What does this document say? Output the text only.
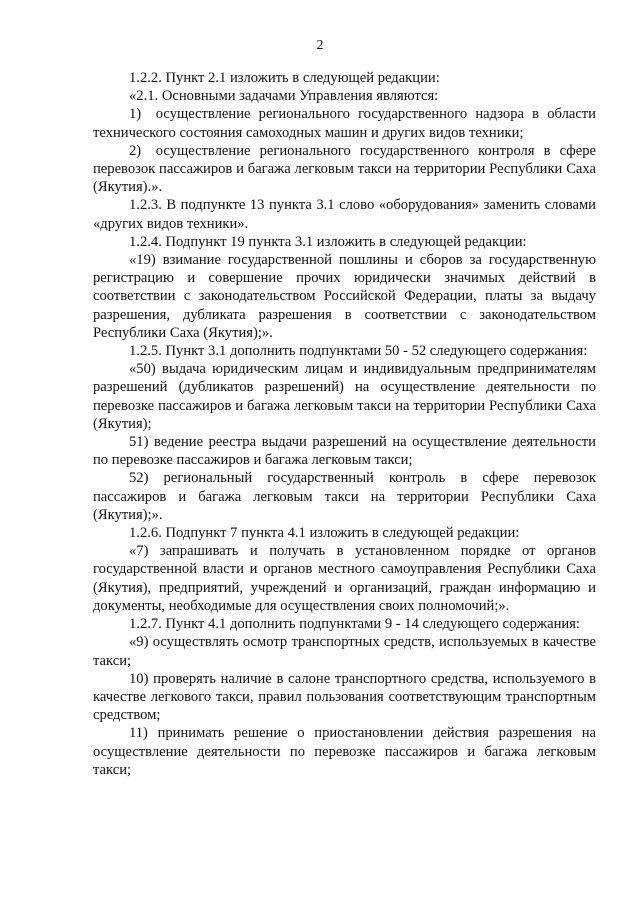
2

1.2.2. Пункт 2.1 изложить в следующей редакции:

«2.1. Основными задачами Управления являются:

1) осуществление регионального государственного надзора в области технического состояния самоходных машин и других видов техники;

2) осуществление регионального государственного контроля в сфере перевозок пассажиров и багажа легковым такси на территории Республики Саха (Якутия).».

1.2.3. В подпункте 13 пункта 3.1 слово «оборудования» заменить словами «других видов техники».

1.2.4. Подпункт 19 пункта 3.1 изложить в следующей редакции:

«19) взимание государственной пошлины и сборов за государственную регистрацию и совершение прочих юридически значимых действий в соответствии с законодательством Российской Федерации, платы за выдачу разрешения, дубликата разрешения в соответствии с законодательством Республики Саха (Якутия);».

1.2.5. Пункт 3.1 дополнить подпунктами 50 - 52 следующего содержания:

«50) выдача юридическим лицам и индивидуальным предпринимателям разрешений (дубликатов разрешений) на осуществление деятельности по перевозке пассажиров и багажа легковым такси на территории Республики Саха (Якутия);

51) ведение реестра выдачи разрешений на осуществление деятельности по перевозке пассажиров и багажа легковым такси;

52) региональный государственный контроль в сфере перевозок пассажиров и багажа легковым такси на территории Республики Саха (Якутия);».

1.2.6. Подпункт 7 пункта 4.1 изложить в следующей редакции:

«7) запрашивать и получать в установленном порядке от органов государственной власти и органов местного самоуправления Республики Саха (Якутия), предприятий, учреждений и организаций, граждан информацию и документы, необходимые для осуществления своих полномочий;».

1.2.7. Пункт 4.1 дополнить подпунктами 9 - 14 следующего содержания:

«9) осуществлять осмотр транспортных средств, используемых в качестве такси;

10) проверять наличие в салоне транспортного средства, используемого в качестве легкового такси, правил пользования соответствующим транспортным средством;

11) принимать решение о приостановлении действия разрешения на осуществление деятельности по перевозке пассажиров и багажа легковым такси;
